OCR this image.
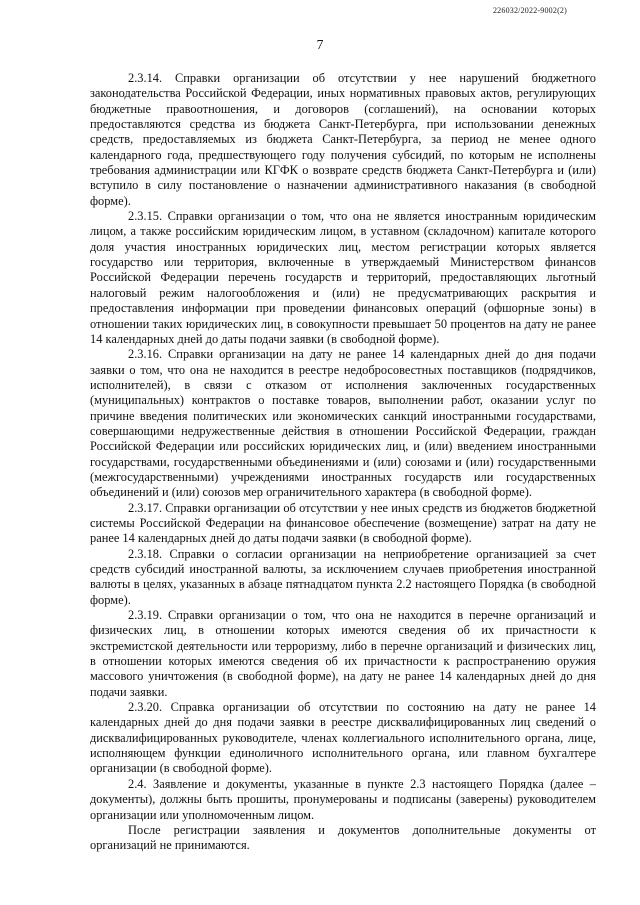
226032/2022-9002(2)
7

2.3.14. Справки организации об отсутствии у нее нарушений бюджетного законодательства Российской Федерации, иных нормативных правовых актов, регулирующих бюджетные правоотношения, и договоров (соглашений), на основании которых предоставляются средства из бюджета Санкт-Петербурга, при использовании денежных средств, предоставляемых из бюджета Санкт-Петербурга, за период не менее одного календарного года, предшествующего году получения субсидий, по которым не исполнены требования администрации или КГФК о возврате средств бюджета Санкт-Петербурга и (или) вступило в силу постановление о назначении административного наказания (в свободной форме).

2.3.15. Справки организации о том, что она не является иностранным юридическим лицом, а также российским юридическим лицом, в уставном (складочном) капитале которого доля участия иностранных юридических лиц, местом регистрации которых является государство или территория, включенные в утверждаемый Министерством финансов Российской Федерации перечень государств и территорий, предоставляющих льготный налоговый режим налогообложения и (или) не предусматривающих раскрытия и предоставления информации при проведении финансовых операций (офшорные зоны) в отношении таких юридических лиц, в совокупности превышает 50 процентов на дату не ранее 14 календарных дней до даты подачи заявки (в свободной форме).

2.3.16. Справки организации на дату не ранее 14 календарных дней до дня подачи заявки о том, что она не находится в реестре недобросовестных поставщиков (подрядчиков, исполнителей), в связи с отказом от исполнения заключенных государственных (муниципальных) контрактов о поставке товаров, выполнении работ, оказании услуг по причине введения политических или экономических санкций иностранными государствами, совершающими недружественные действия в отношении Российской Федерации, граждан Российской Федерации или российских юридических лиц, и (или) введением иностранными государствами, государственными объединениями и (или) союзами и (или) государственными (межгосударственными) учреждениями иностранных государств или государственных объединений и (или) союзов мер ограничительного характера (в свободной форме).

2.3.17. Справки организации об отсутствии у нее иных средств из бюджетов бюджетной системы Российской Федерации на финансовое обеспечение (возмещение) затрат на дату не ранее 14 календарных дней до даты подачи заявки (в свободной форме).

2.3.18. Справки о согласии организации на неприобретение организацией за счет средств субсидий иностранной валюты, за исключением случаев приобретения иностранной валюты в целях, указанных в абзаце пятнадцатом пункта 2.2 настоящего Порядка (в свободной форме).

2.3.19. Справки организации о том, что она не находится в перечне организаций и физических лиц, в отношении которых имеются сведения об их причастности к экстремистской деятельности или терроризму, либо в перечне организаций и физических лиц, в отношении которых имеются сведения об их причастности к распространению оружия массового уничтожения (в свободной форме), на дату не ранее 14 календарных дней до дня подачи заявки.

2.3.20. Справка организации об отсутствии по состоянию на дату не ранее 14 календарных дней до дня подачи заявки в реестре дисквалифицированных лиц сведений о дисквалифицированных руководителе, членах коллегиального исполнительного органа, лице, исполняющем функции единоличного исполнительного органа, или главном бухгалтере организации (в свободной форме).

2.4. Заявление и документы, указанные в пункте 2.3 настоящего Порядка (далее – документы), должны быть прошиты, пронумерованы и подписаны (заверены) руководителем организации или уполномоченным лицом.

После регистрации заявления и документов дополнительные документы от организаций не принимаются.
